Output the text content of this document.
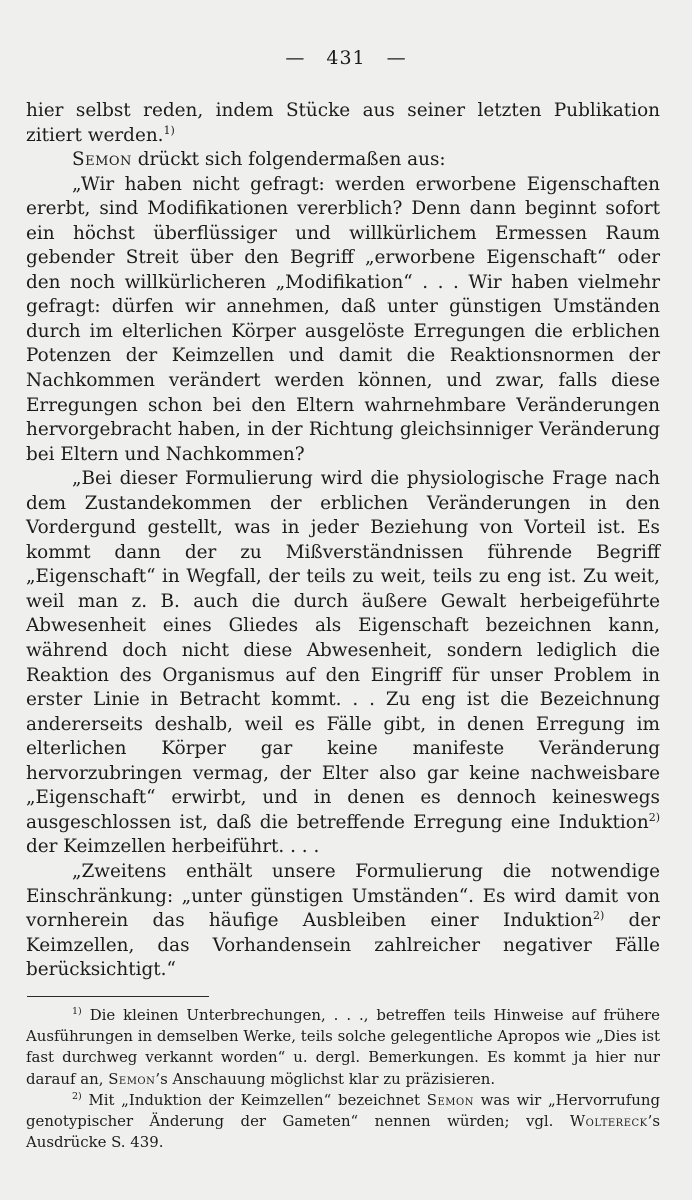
— 431 —

hier selbst reden, indem Stücke aus seiner letzten Publikation zitiert werden.$^{1)}$

Semon drückt sich folgendermaßen aus:

„Wir haben nicht gefragt: werden erworbene Eigenschaften ererbt, sind Modifikationen vererblich? Denn dann beginnt sofort ein höchst überflüssiger und willkürlichem Ermessen Raum gebender Streit über den Begriff „erworbene Eigenschaft“ oder den noch willkürlicheren „Modifikation“ . . . Wir haben vielmehr gefragt: dürfen wir annehmen, daß unter günstigen Umständen durch im elterlichen Körper ausgelöste Erregungen die erblichen Potenzen der Keimzellen und damit die Reaktionsnormen der Nachkommen verändert werden können, und zwar, falls diese Erregungen schon bei den Eltern wahrnehmbare Veränderungen hervorgebracht haben, in der Richtung gleichsinniger Veränderung bei Eltern und Nachkommen?

„Bei dieser Formulierung wird die physiologische Frage nach dem Zustandekommen der erblichen Veränderungen in den Vordergund gestellt, was in jeder Beziehung von Vorteil ist. Es kommt dann der zu Mißverständnissen führende Begriff „Eigenschaft“ in Wegfall, der teils zu weit, teils zu eng ist. Zu weit, weil man z. B. auch die durch äußere Gewalt herbeigeführte Abwesenheit eines Gliedes als Eigenschaft bezeichnen kann, während doch nicht diese Abwesenheit, sondern lediglich die Reaktion des Organismus auf den Eingriff für unser Problem in erster Linie in Betracht kommt. . . Zu eng ist die Bezeichnung andererseits deshalb, weil es Fälle gibt, in denen Erregung im elterlichen Körper gar keine manifeste Veränderung hervorzubringen vermag, der Elter also gar keine nachweisbare „Eigenschaft“ erwirbt, und in denen es dennoch keineswegs ausgeschlossen ist, daß die betreffende Erregung eine Induktion$^{2)}$ der Keimzellen herbeiführt. . . .

„Zweitens enthält unsere Formulierung die notwendige Einschränkung: „unter günstigen Umständen“. Es wird damit von vornherein das häufige Ausbleiben einer Induktion$^{2)}$ der Keimzellen, das Vorhandensein zahlreicher negativer Fälle berücksichtigt.“

$^{1)}$ Die kleinen Unterbrechungen, . . ., betreffen teils Hinweise auf frühere Ausführungen in demselben Werke, teils solche gelegentliche Apropos wie „Dies ist fast durchweg verkannt worden“ u. dergl. Bemerkungen. Es kommt ja hier nur darauf an, Semon’s Anschauung möglichst klar zu präzisieren.

$^{2)}$ Mit „Induktion der Keimzellen“ bezeichnet Semon was wir „Hervorrufung genotypischer Änderung der Gameten“ nennen würden; vgl. Woltereck’s Ausdrücke S. 439.
